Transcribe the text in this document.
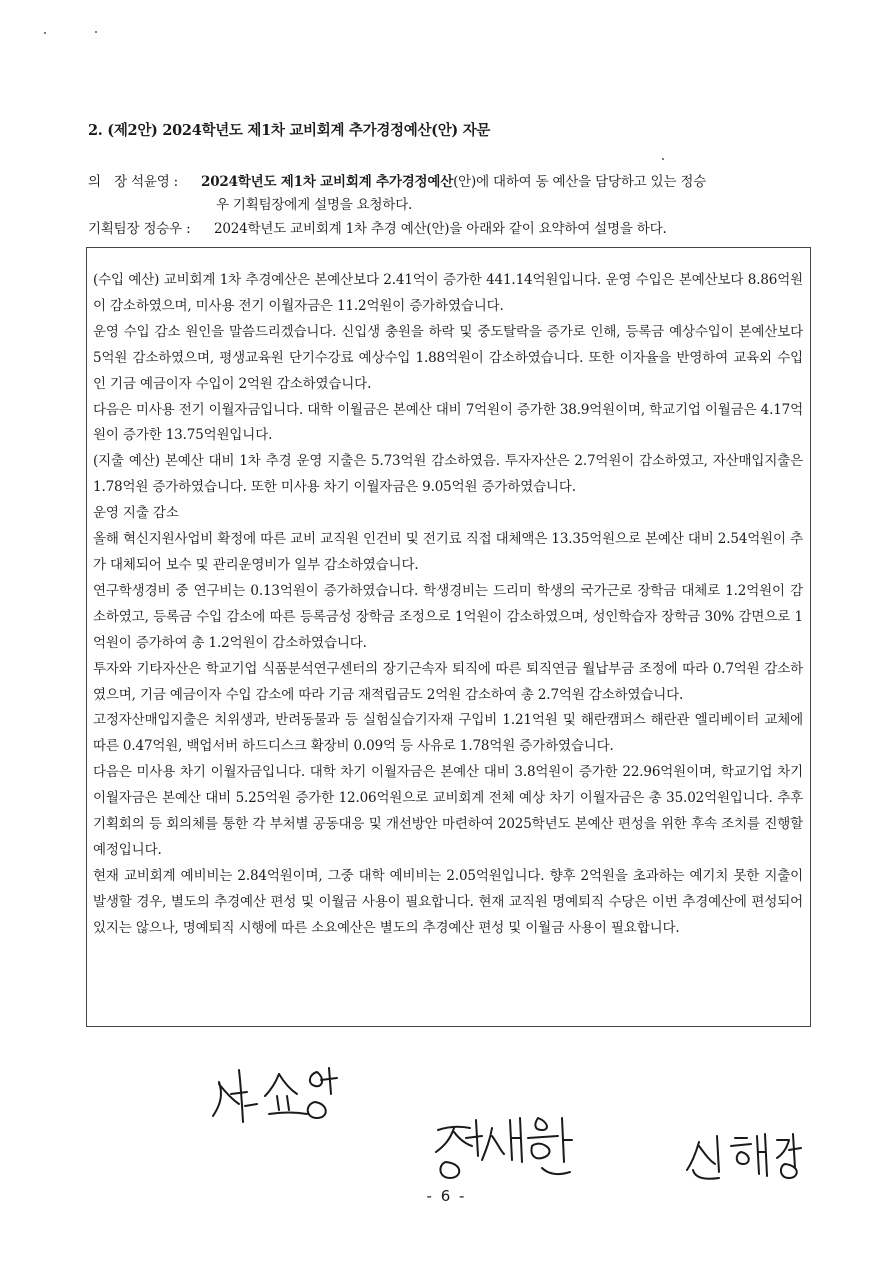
2. (제2안) 2024학년도 제1차 교비회계 추가경정예산(안) 자문
의　장 석윤영 : 2024학년도 제1차 교비회계 추가경정예산(안)에 대하여 동 예산을 담당하고 있는 정승
우 기획팀장에게 설명을 요청하다.
기획팀장 정승우 : 2024학년도 교비회계 1차 추경 예산(안)을 아래와 같이 요약하여 설명을 하다.

(수입 예산) 교비회계 1차 추경예산은 본예산보다 2.41억이 증가한 441.14억원입니다. 운영 수입은 본예산보다 8.86억원이 감소하였으며, 미사용 전기 이월자금은 11.2억원이 증가하였습니다.

운영 수입 감소 원인을 말씀드리겠습니다. 신입생 충원을 하락 및 중도탈락을 증가로 인해, 등록금 예상수입이 본예산보다 5억원 감소하였으며, 평생교육원 단기수강료 예상수입 1.88억원이 감소하였습니다. 또한 이자율을 반영하여 교육외 수입인 기금 예금이자 수입이 2억원 감소하였습니다.

다음은 미사용 전기 이월자금입니다. 대학 이월금은 본예산 대비 7억원이 증가한 38.9억원이며, 학교기업 이월금은 4.17억원이 증가한 13.75억원입니다.

(지출 예산) 본예산 대비 1차 추경 운영 지출은 5.73억원 감소하였음. 투자자산은 2.7억원이 감소하였고, 자산매입지출은 1.78억원 증가하였습니다. 또한 미사용 차기 이월자금은 9.05억원 증가하였습니다.

운영 지출 감소

올해 혁신지원사업비 확정에 따른 교비 교직원 인건비 및 전기료 직접 대체액은 13.35억원으로 본예산 대비 2.54억원이 추가 대체되어 보수 및 관리운영비가 일부 감소하였습니다.

연구학생경비 중 연구비는 0.13억원이 증가하였습니다. 학생경비는 드리미 학생의 국가근로 장학금 대체로 1.2억원이 감소하였고, 등록금 수입 감소에 따른 등록금성 장학금 조정으로 1억원이 감소하였으며, 성인학습자 장학금 30% 감면으로 1억원이 증가하여 총 1.2억원이 감소하였습니다.

투자와 기타자산은 학교기업 식품분석연구센터의 장기근속자 퇴직에 따른 퇴직연금 월납부금 조정에 따라 0.7억원 감소하였으며, 기금 예금이자 수입 감소에 따라 기금 재적립금도 2억원 감소하여 총 2.7억원 감소하였습니다.

고정자산매입지출은 치위생과, 반려동물과 등 실험실습기자재 구입비 1.21억원 및 해란캠퍼스 해란관 엘리베이터 교체에 따른 0.47억원, 백업서버 하드디스크 확장비 0.09억 등 사유로 1.78억원 증가하였습니다.

다음은 미사용 차기 이월자금입니다. 대학 차기 이월자금은 본예산 대비 3.8억원이 증가한 22.96억원이며, 학교기업 차기 이월자금은 본예산 대비 5.25억원 증가한 12.06억원으로 교비회계 전체 예상 차기 이월자금은 총 35.02억원입니다. 추후 기획회의 등 회의체를 통한 각 부처별 공동대응 및 개선방안 마련하여 2025학년도 본예산 편성을 위한 후속 조치를 진행할 예정입니다.

현재 교비회계 예비비는 2.84억원이며, 그중 대학 예비비는 2.05억원입니다. 향후 2억원을 초과하는 예기치 못한 지출이 발생할 경우, 별도의 추경예산 편성 및 이월금 사용이 필요합니다. 현재 교직원 명예퇴직 수당은 이번 추경예산에 편성되어 있지는 않으나, 명예퇴직 시행에 따른 소요예산은 별도의 추경예산 편성 및 이월금 사용이 필요합니다.

- 6 -
